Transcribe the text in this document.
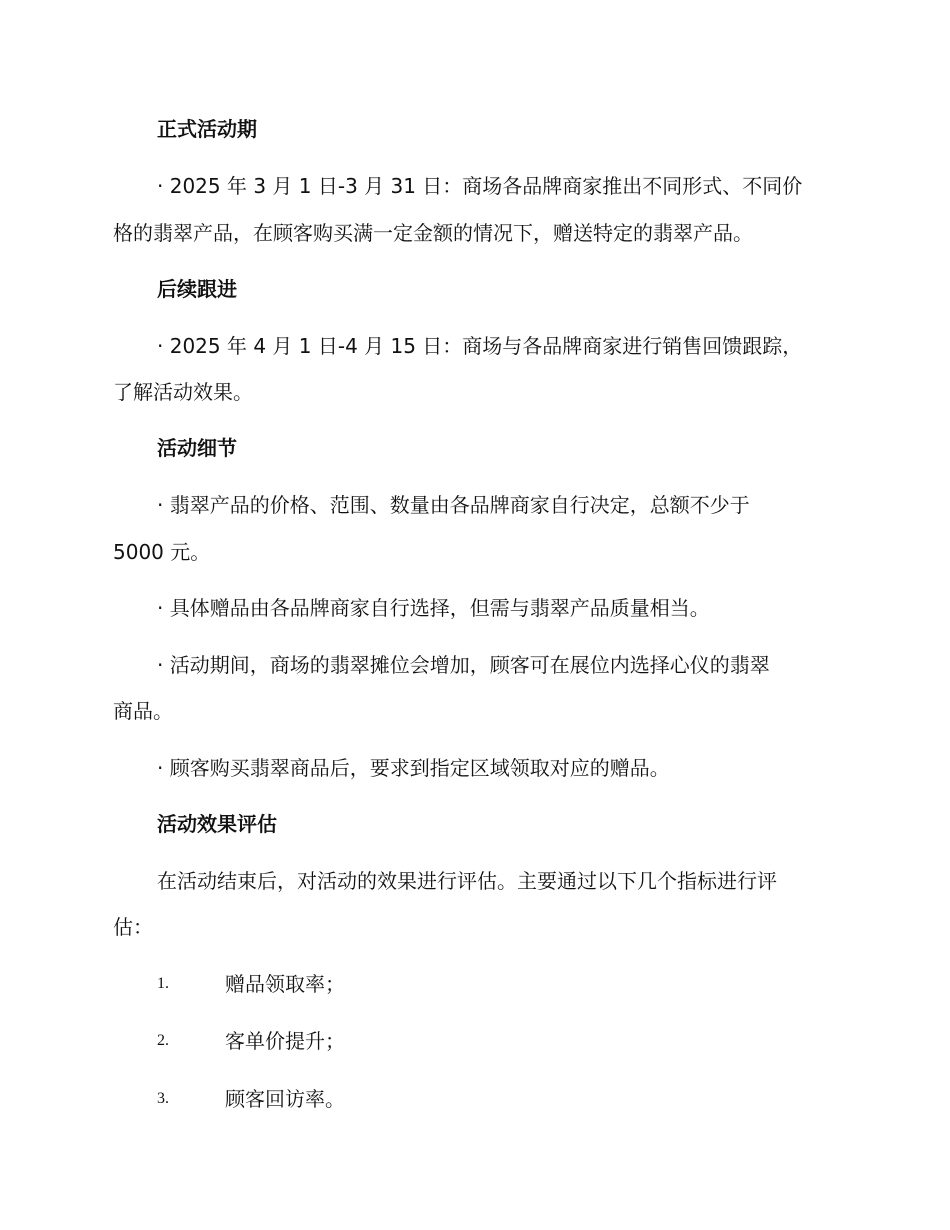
正式活动期
· 2025 年 3 月 1 日-3 月 31 日：商场各品牌商家推出不同形式、不同价
格的翡翠产品，在顾客购买满一定金额的情况下，赠送特定的翡翠产品。
后续跟进
· 2025 年 4 月 1 日-4 月 15 日：商场与各品牌商家进行销售回馈跟踪，
了解活动效果。
活动细节
· 翡翠产品的价格、范围、数量由各品牌商家自行决定，总额不少于
5000 元。
· 具体赠品由各品牌商家自行选择，但需与翡翠产品质量相当。
· 活动期间，商场的翡翠摊位会增加，顾客可在展位内选择心仪的翡翠
商品。
· 顾客购买翡翠商品后，要求到指定区域领取对应的赠品。
活动效果评估
在活动结束后，对活动的效果进行评估。主要通过以下几个指标进行评
估：
1.	赠品领取率；
2.	客单价提升；
3.	顾客回访率。
